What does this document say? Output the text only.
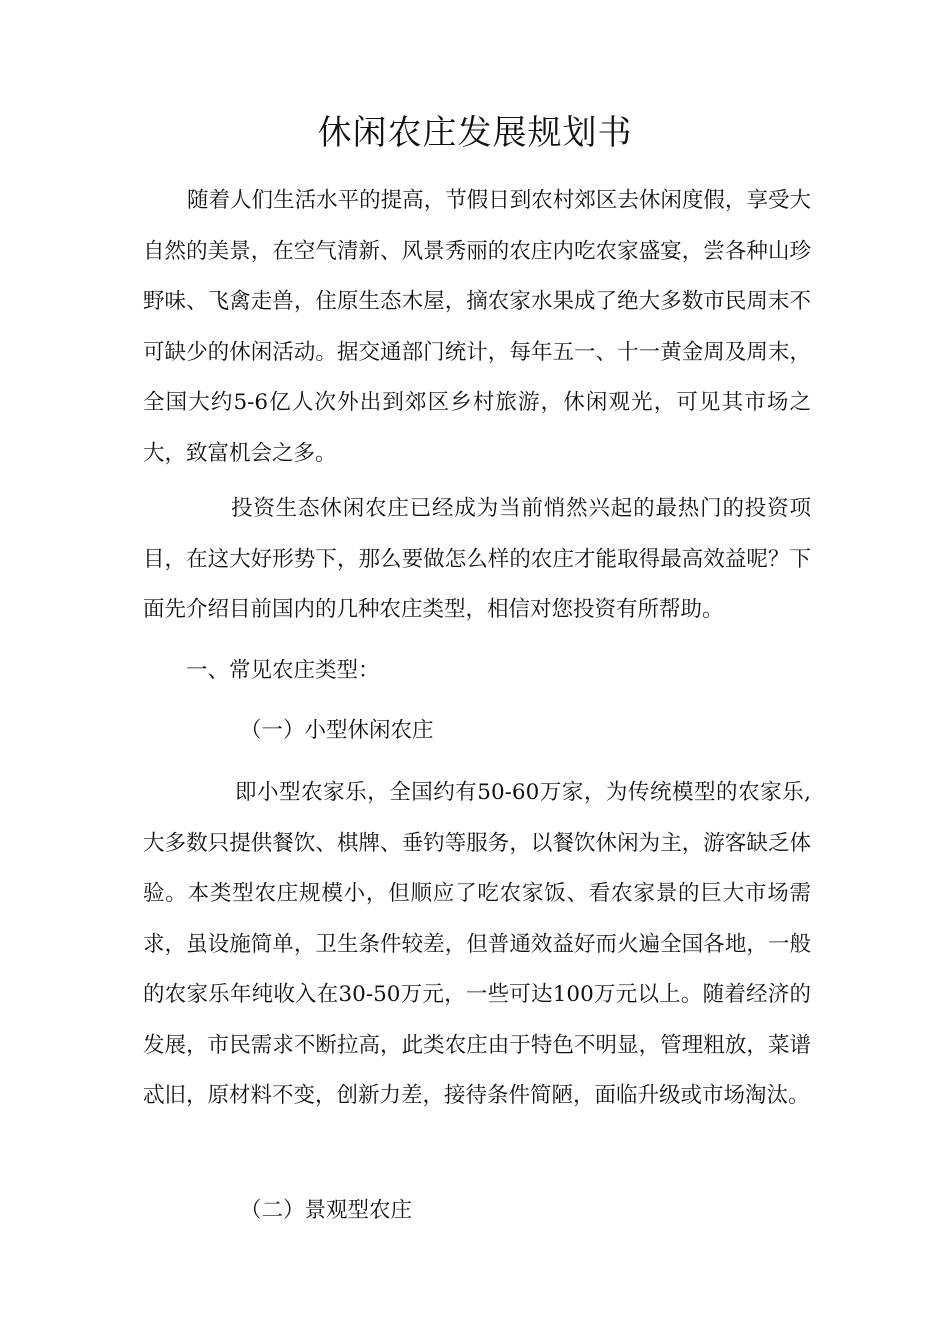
休闲农庄发展规划书

随着人们生活水平的提高，节假日到农村郊区去休闲度假，享受大自然的美景，在空气清新、风景秀丽的农庄内吃农家盛宴，尝各种山珍野味、飞禽走兽，住原生态木屋，摘农家水果成了绝大多数市民周末不可缺少的休闲活动。据交通部门统计，每年五一、十一黄金周及周末，全国大约5-6亿人次外出到郊区乡村旅游，休闲观光，可见其市场之大，致富机会之多。

投资生态休闲农庄已经成为当前悄然兴起的最热门的投资项目，在这大好形势下，那么要做怎么样的农庄才能取得最高效益呢？下面先介绍目前国内的几种农庄类型，相信对您投资有所帮助。

一、常见农庄类型：

（一）小型休闲农庄

即小型农家乐，全国约有50-60万家，为传统模型的农家乐,大多数只提供餐饮、棋牌、垂钓等服务，以餐饮休闲为主，游客缺乏体验。本类型农庄规模小，但顺应了吃农家饭、看农家景的巨大市场需求，虽设施简单，卫生条件较差，但普通效益好而火遍全国各地，一般的农家乐年纯收入在30-50万元，一些可达100万元以上。随着经济的发展，市民需求不断拉高，此类农庄由于特色不明显，管理粗放，菜谱忒旧，原材料不变，创新力差，接待条件简陋，面临升级或市场淘汰。

（二）景观型农庄
